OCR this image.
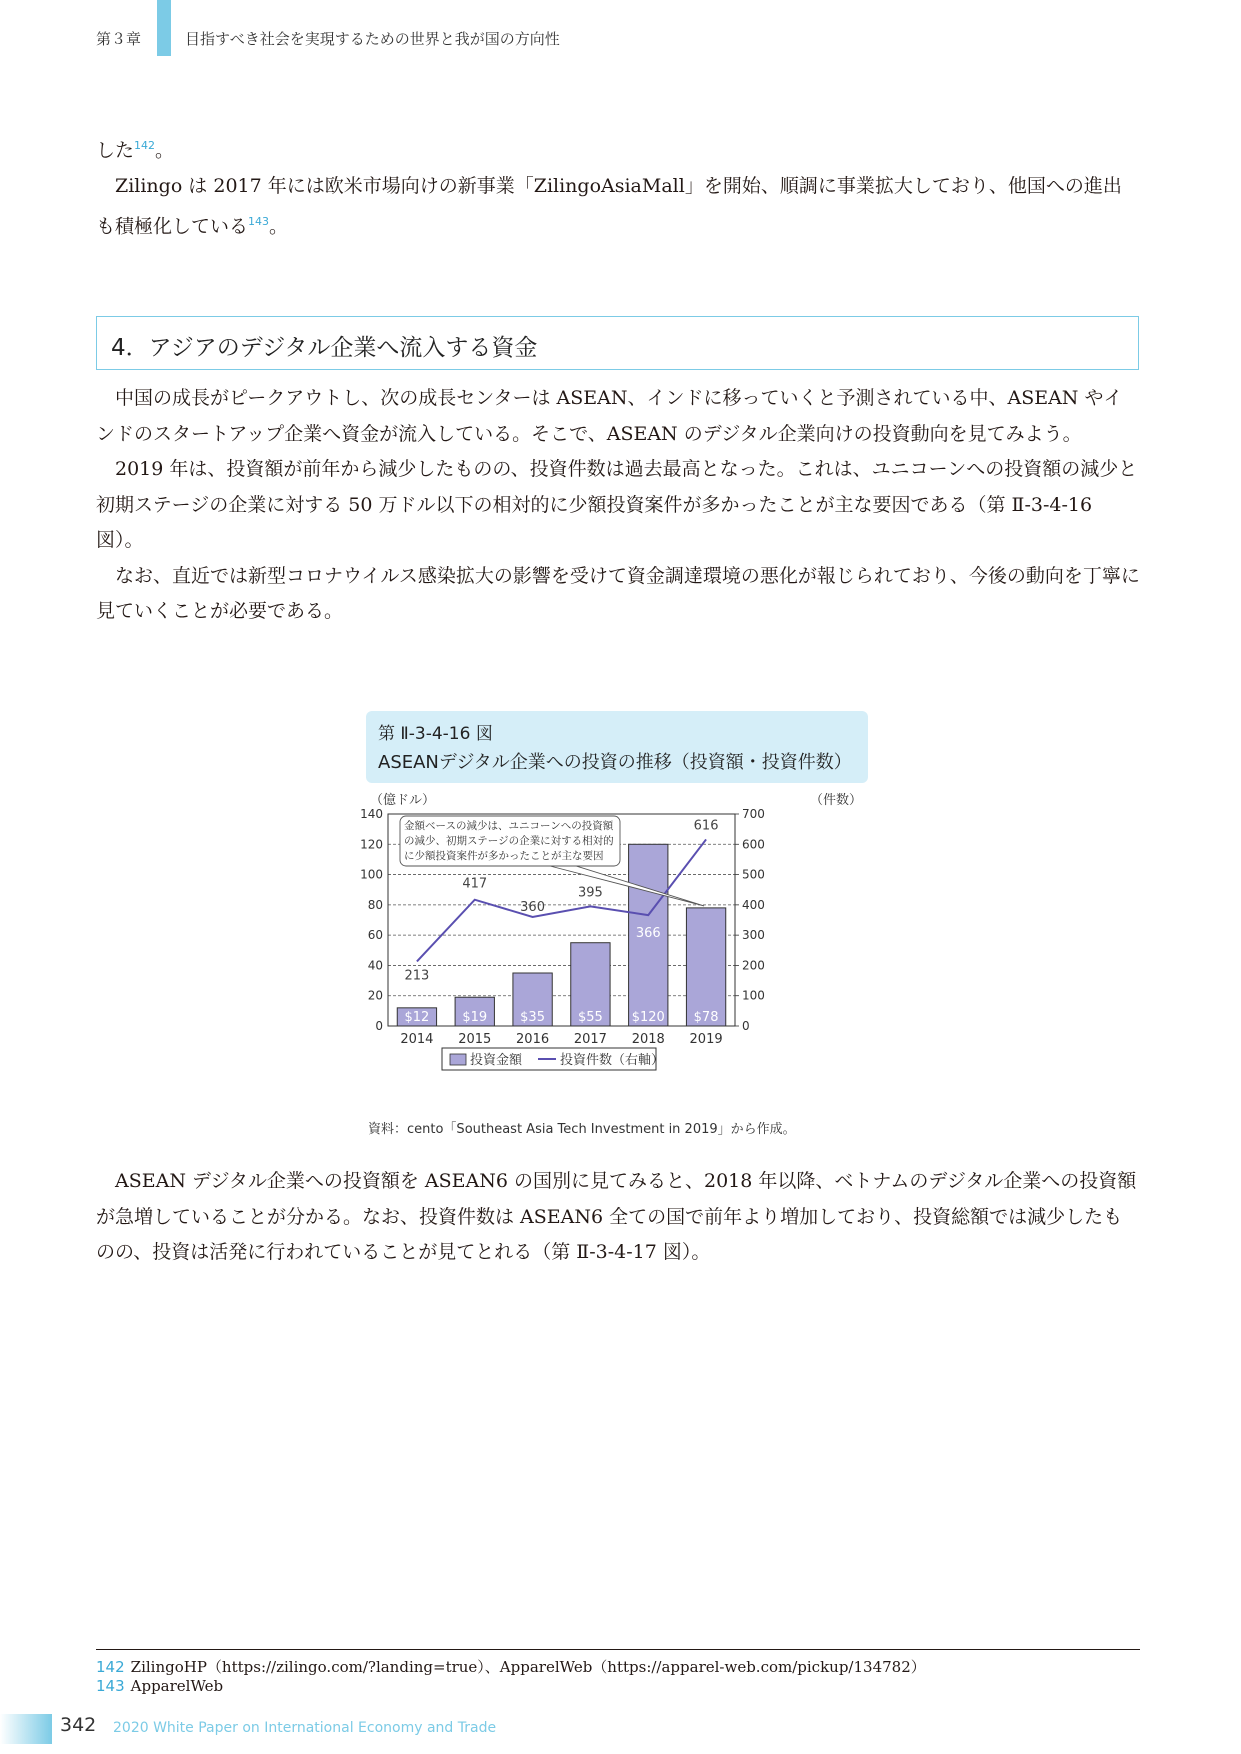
第３章	目指すべき社会を実現するための世界と我が国の方向性

した$^{142}$。

Zilingo は 2017 年には欧米市場向けの新事業「ZilingoAsiaMall」を開始、順調に事業拡大しており、他国への進出も積極化している$^{143}$。

4．アジアのデジタル企業へ流入する資金

中国の成長がピークアウトし、次の成長センターは ASEAN、インドに移っていくと予測されている中、ASEAN やインドのスタートアップ企業へ資金が流入している。そこで、ASEAN のデジタル企業向けの投資動向を見てみよう。

2019 年は、投資額が前年から減少したものの、投資件数は過去最高となった。これは、ユニコーンへの投資額の減少と初期ステージの企業に対する 50 万ドル以下の相対的に少額投資案件が多かったことが主な要因である（第 Ⅱ-3-4-16 図）。

なお、直近では新型コロナウイルス感染拡大の影響を受けて資金調達環境の悪化が報じられており、今後の動向を丁寧に見ていくことが必要である。

第 Ⅱ-3-4-16 図
ASEANデジタル企業への投資の推移（投資額・投資件数）
（億ドル）	（件数）
$12	$19	$35	$55 $120 $78
213
417
360
395
366
616
0
20
40
60
80
100
120
140
0
100
200
300
400
500
600
700
2014 2015 2016 2017 2018 2019
金額ベースの減少は、ユニコーンへの投資額
の減少、初期ステージの企業に対する相対的
に少額投資案件が多かったことが主な要因
投資金額	投資件数（右軸）
資料：cento「Southeast Asia Tech Investment in 2019」から作成。

ASEAN デジタル企業への投資額を ASEAN6 の国別に見てみると、2018 年以降、ベトナムのデジタル企業への投資額が急増していることが分かる。なお、投資件数は ASEAN6 全ての国で前年より増加しており、投資総額では減少したものの、投資は活発に行われていることが見てとれる（第 Ⅱ-3-4-17 図）。

142 ZilingoHP（https://zilingo.com/?landing=true）、ApparelWeb（https://apparel-web.com/pickup/134782）
143 ApparelWeb
342 2020 White Paper on International Economy and Trade
